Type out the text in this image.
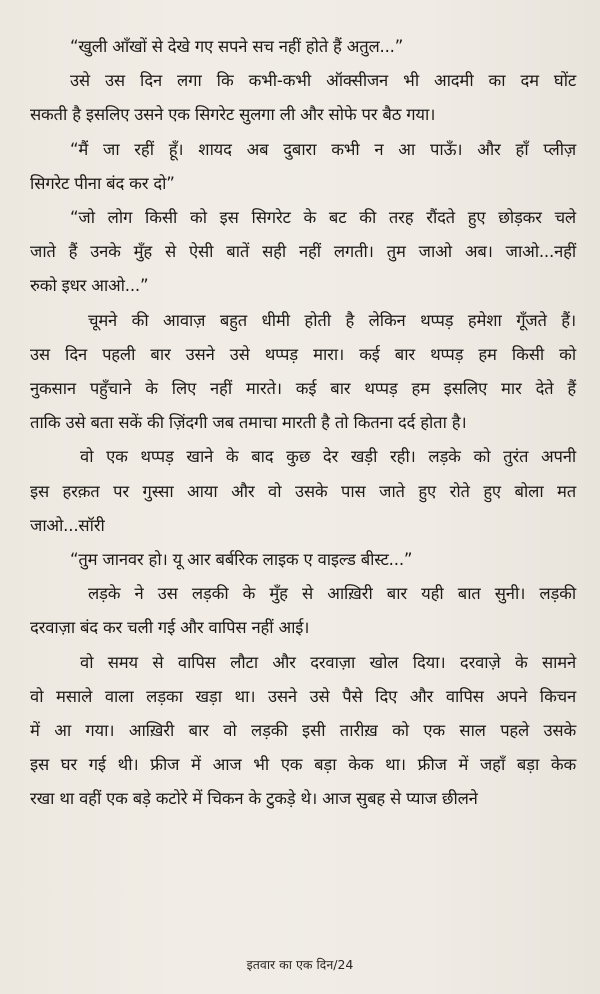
“खुली आँखों से देखे गए सपने सच नहीं होते हैं अतुल...”
उसे उस दिन लगा कि कभी-कभी ऑक्सीजन भी आदमी का दम घोंट
सकती है इसलिए उसने एक सिगरेट सुलगा ली और सोफे पर बैठ गया।
“मैं जा रहीं हूँ। शायद अब दुबारा कभी न आ पाऊँ। और हाँ प्लीज़
सिगरेट पीना बंद कर दो”
“जो लोग किसी को इस सिगरेट के बट की तरह रौंदते हुए छोड़कर चले
जाते हैं उनके मुँह से ऐसी बातें सही नहीं लगती। तुम जाओ अब। जाओ...नहीं
रुको इधर आओ...”
चूमने की आवाज़ बहुत धीमी होती है लेकिन थप्पड़ हमेशा गूँजते हैं।
उस दिन पहली बार उसने उसे थप्पड़ मारा। कई बार थप्पड़ हम किसी को
नुकसान पहुँचाने के लिए नहीं मारते। कई बार थप्पड़ हम इसलिए मार देते हैं
ताकि उसे बता सकें की ज़िंदगी जब तमाचा मारती है तो कितना दर्द होता है।
वो एक थप्पड़ खाने के बाद कुछ देर खड़ी रही। लड़के को तुरंत अपनी
इस हरक़त पर गुस्सा आया और वो उसके पास जाते हुए रोते हुए बोला मत
जाओ...सॉरी
“तुम जानवर हो। यू आर बर्बरिक लाइक ए वाइल्ड बीस्ट...”
लड़के ने उस लड़की के मुँह से आख़िरी बार यही बात सुनी। लड़की
दरवाज़ा बंद कर चली गई और वापिस नहीं आई।
वो समय से वापिस लौटा और दरवाज़ा खोल दिया। दरवाज़े के सामने
वो मसाले वाला लड़का खड़ा था। उसने उसे पैसे दिए और वापिस अपने किचन
में आ गया। आख़िरी बार वो लड़की इसी तारीख़ को एक साल पहले उसके
इस घर गई थी। फ्रीज में आज भी एक बड़ा केक था। फ्रीज में जहाँ बड़ा केक
रखा था वहीं एक बड़े कटोरे में चिकन के टुकड़े थे। आज सुबह से प्याज छीलने
इतवार का एक दिन/24
